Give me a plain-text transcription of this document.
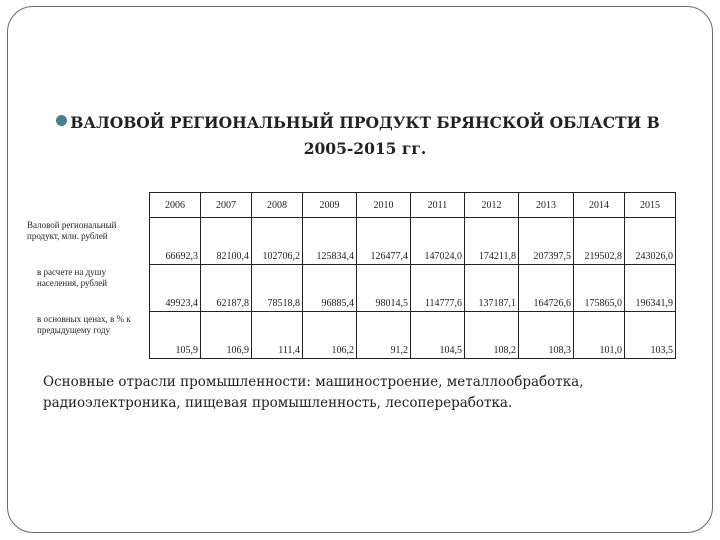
ВАЛОВОЙ РЕГИОНАЛЬНЫЙ ПРОДУКТ БРЯНСКОЙ ОБЛАСТИ В
2005-2015 гг.
	2006	2007	2008	2009	2010	2011	2012	2013	2014	2015
Валовой региональный продукт, млн. рублей	66692,3	82100,4	102706,2	125834,4	126477,4	147024,0	174211,8	207397,5	219502,8	243026,0
в расчете на душу населения, рублей	49923,4	62187,8	78518,8	96885,4	98014,5	114777,6	137187,1	164726,6	175865,0	196341,9
в основных ценах, в % к предыдущему году	105,9	106,9	111,4	106,2	91,2	104,5	108,2	108,3	101,0	103,5
Основные отрасли промышленности: машиностроение, металлообработка, радиоэлектроника, пищевая промышленность, лесопереработка.
